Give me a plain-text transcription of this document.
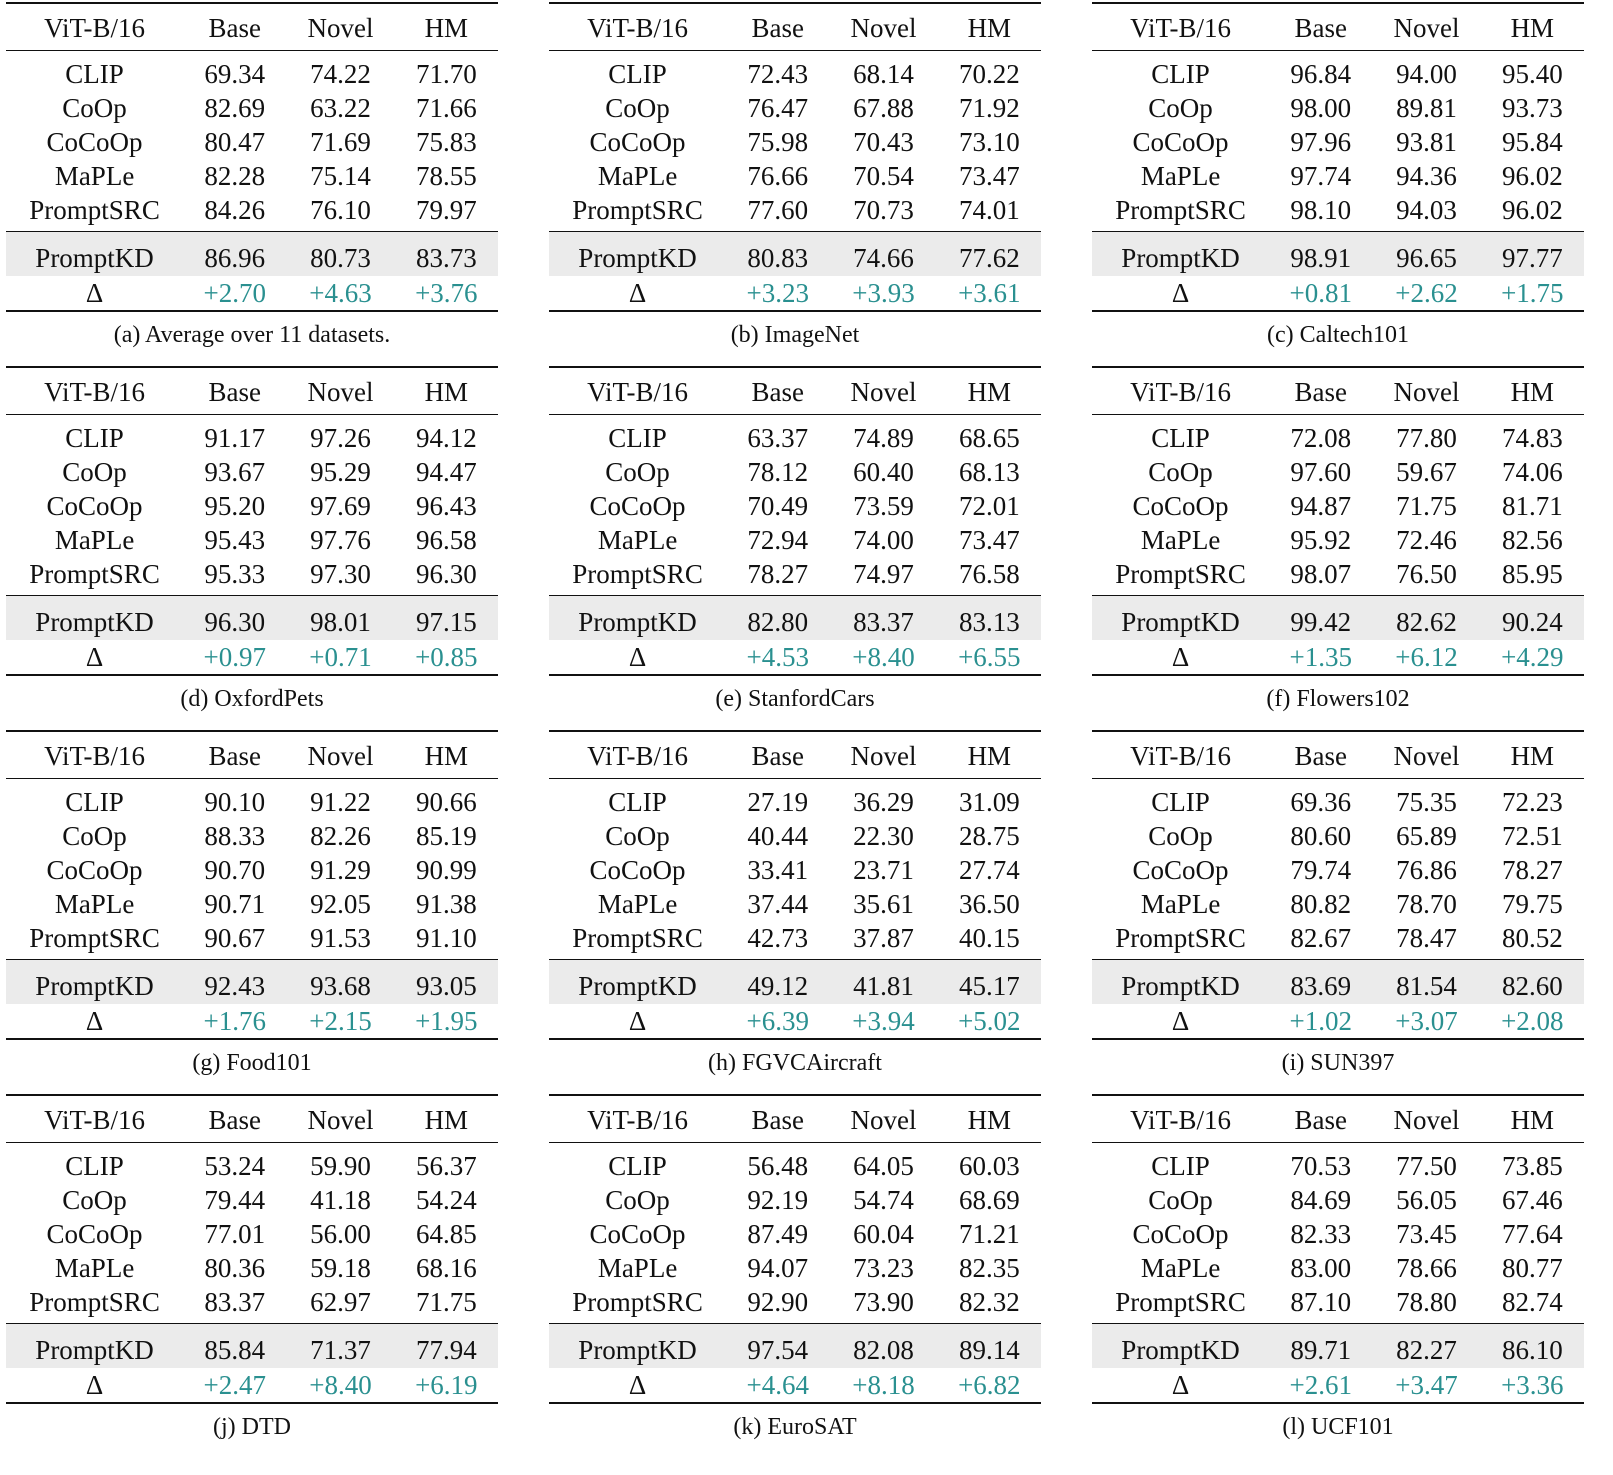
ViT-B/16	Base	Novel	HM
CLIP	69.34	74.22	71.70
CoOp	82.69	63.22	71.66
CoCoOp	80.47	71.69	75.83
MaPLe	82.28	75.14	78.55
PromptSRC	84.26	76.10	79.97
PromptKD	86.96	80.73	83.73
Δ	+2.70	+4.63	+3.76
(a) Average over 11 datasets.
ViT-B/16	Base	Novel	HM
CLIP	72.43	68.14	70.22
CoOp	76.47	67.88	71.92
CoCoOp	75.98	70.43	73.10
MaPLe	76.66	70.54	73.47
PromptSRC	77.60	70.73	74.01
PromptKD	80.83	74.66	77.62
Δ	+3.23	+3.93	+3.61
(b) ImageNet
ViT-B/16	Base	Novel	HM
CLIP	96.84	94.00	95.40
CoOp	98.00	89.81	93.73
CoCoOp	97.96	93.81	95.84
MaPLe	97.74	94.36	96.02
PromptSRC	98.10	94.03	96.02
PromptKD	98.91	96.65	97.77
Δ	+0.81	+2.62	+1.75
(c) Caltech101
ViT-B/16	Base	Novel	HM
CLIP	91.17	97.26	94.12
CoOp	93.67	95.29	94.47
CoCoOp	95.20	97.69	96.43
MaPLe	95.43	97.76	96.58
PromptSRC	95.33	97.30	96.30
PromptKD	96.30	98.01	97.15
Δ	+0.97	+0.71	+0.85
(d) OxfordPets
ViT-B/16	Base	Novel	HM
CLIP	63.37	74.89	68.65
CoOp	78.12	60.40	68.13
CoCoOp	70.49	73.59	72.01
MaPLe	72.94	74.00	73.47
PromptSRC	78.27	74.97	76.58
PromptKD	82.80	83.37	83.13
Δ	+4.53	+8.40	+6.55
(e) StanfordCars
ViT-B/16	Base	Novel	HM
CLIP	72.08	77.80	74.83
CoOp	97.60	59.67	74.06
CoCoOp	94.87	71.75	81.71
MaPLe	95.92	72.46	82.56
PromptSRC	98.07	76.50	85.95
PromptKD	99.42	82.62	90.24
Δ	+1.35	+6.12	+4.29
(f) Flowers102
ViT-B/16	Base	Novel	HM
CLIP	90.10	91.22	90.66
CoOp	88.33	82.26	85.19
CoCoOp	90.70	91.29	90.99
MaPLe	90.71	92.05	91.38
PromptSRC	90.67	91.53	91.10
PromptKD	92.43	93.68	93.05
Δ	+1.76	+2.15	+1.95
(g) Food101
ViT-B/16	Base	Novel	HM
CLIP	27.19	36.29	31.09
CoOp	40.44	22.30	28.75
CoCoOp	33.41	23.71	27.74
MaPLe	37.44	35.61	36.50
PromptSRC	42.73	37.87	40.15
PromptKD	49.12	41.81	45.17
Δ	+6.39	+3.94	+5.02
(h) FGVCAircraft
ViT-B/16	Base	Novel	HM
CLIP	69.36	75.35	72.23
CoOp	80.60	65.89	72.51
CoCoOp	79.74	76.86	78.27
MaPLe	80.82	78.70	79.75
PromptSRC	82.67	78.47	80.52
PromptKD	83.69	81.54	82.60
Δ	+1.02	+3.07	+2.08
(i) SUN397
ViT-B/16	Base	Novel	HM
CLIP	53.24	59.90	56.37
CoOp	79.44	41.18	54.24
CoCoOp	77.01	56.00	64.85
MaPLe	80.36	59.18	68.16
PromptSRC	83.37	62.97	71.75
PromptKD	85.84	71.37	77.94
Δ	+2.47	+8.40	+6.19
(j) DTD
ViT-B/16	Base	Novel	HM
CLIP	56.48	64.05	60.03
CoOp	92.19	54.74	68.69
CoCoOp	87.49	60.04	71.21
MaPLe	94.07	73.23	82.35
PromptSRC	92.90	73.90	82.32
PromptKD	97.54	82.08	89.14
Δ	+4.64	+8.18	+6.82
(k) EuroSAT
ViT-B/16	Base	Novel	HM
CLIP	70.53	77.50	73.85
CoOp	84.69	56.05	67.46
CoCoOp	82.33	73.45	77.64
MaPLe	83.00	78.66	80.77
PromptSRC	87.10	78.80	82.74
PromptKD	89.71	82.27	86.10
Δ	+2.61	+3.47	+3.36
(l) UCF101
